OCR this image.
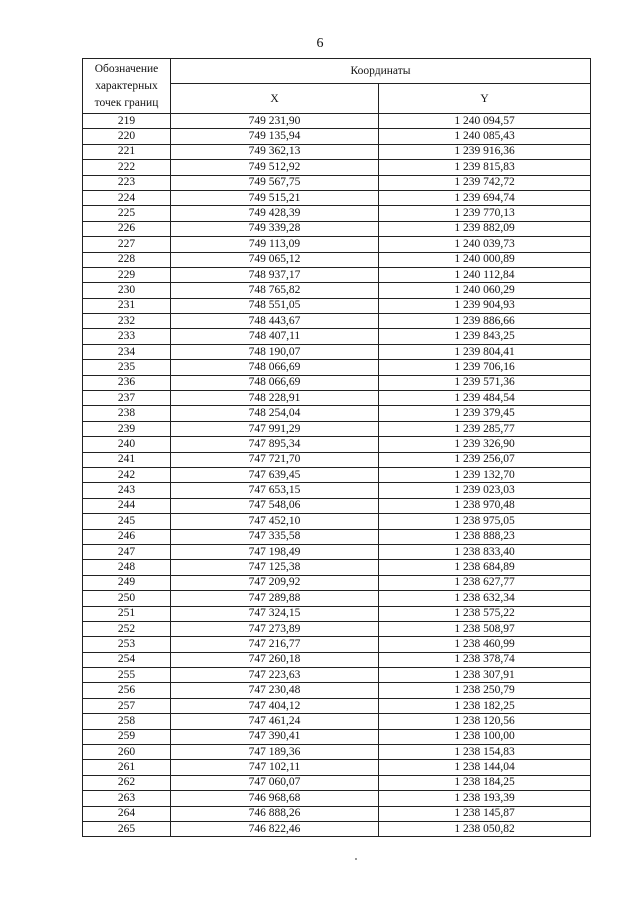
6
Обозначение
характерных
точек границ	Координаты	
	X	Y
219	749 231,90	1 240 094,57
220	749 135,94	1 240 085,43
221	749 362,13	1 239 916,36
222	749 512,92	1 239 815,83
223	749 567,75	1 239 742,72
224	749 515,21	1 239 694,74
225	749 428,39	1 239 770,13
226	749 339,28	1 239 882,09
227	749 113,09	1 240 039,73
228	749 065,12	1 240 000,89
229	748 937,17	1 240 112,84
230	748 765,82	1 240 060,29
231	748 551,05	1 239 904,93
232	748 443,67	1 239 886,66
233	748 407,11	1 239 843,25
234	748 190,07	1 239 804,41
235	748 066,69	1 239 706,16
236	748 066,69	1 239 571,36
237	748 228,91	1 239 484,54
238	748 254,04	1 239 379,45
239	747 991,29	1 239 285,77
240	747 895,34	1 239 326,90
241	747 721,70	1 239 256,07
242	747 639,45	1 239 132,70
243	747 653,15	1 239 023,03
244	747 548,06	1 238 970,48
245	747 452,10	1 238 975,05
246	747 335,58	1 238 888,23
247	747 198,49	1 238 833,40
248	747 125,38	1 238 684,89
249	747 209,92	1 238 627,77
250	747 289,88	1 238 632,34
251	747 324,15	1 238 575,22
252	747 273,89	1 238 508,97
253	747 216,77	1 238 460,99
254	747 260,18	1 238 378,74
255	747 223,63	1 238 307,91
256	747 230,48	1 238 250,79
257	747 404,12	1 238 182,25
258	747 461,24	1 238 120,56
259	747 390,41	1 238 100,00
260	747 189,36	1 238 154,83
261	747 102,11	1 238 144,04
262	747 060,07	1 238 184,25
263	746 968,68	1 238 193,39
264	746 888,26	1 238 145,87
265	746 822,46	1 238 050,82
